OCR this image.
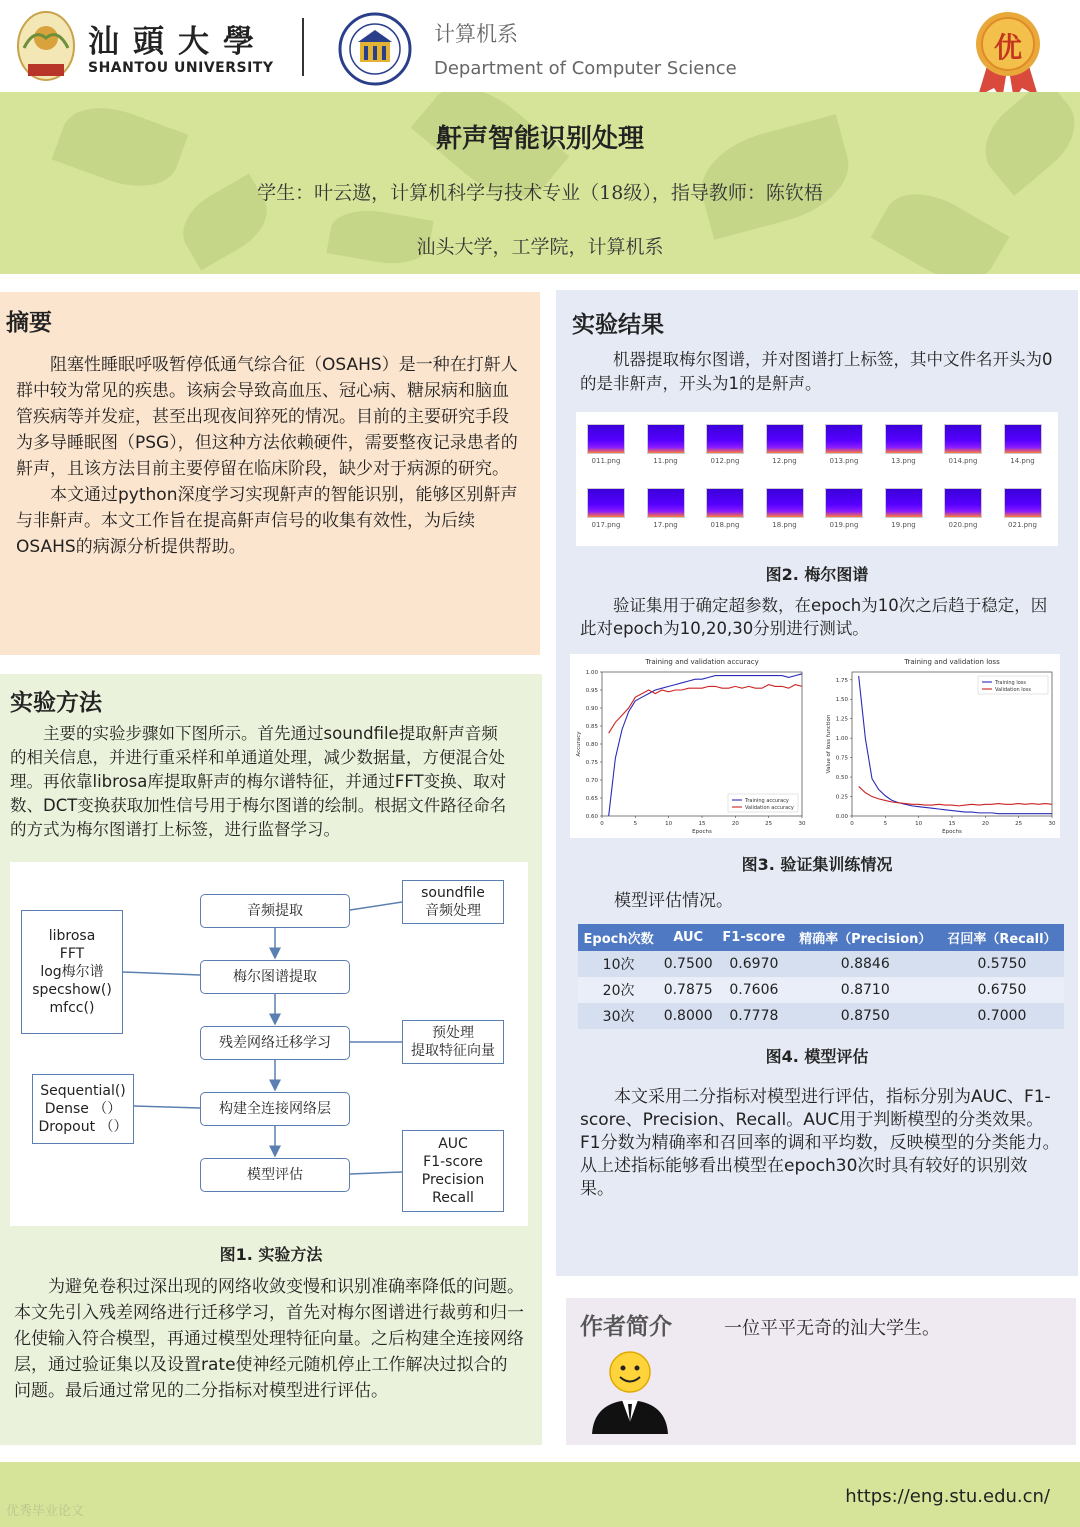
汕頭大學
SHANTOU UNIVERSITY
计算机系
Department of Computer Science
优
鼾声智能识别处理
学生：叶云遨，计算机科学与技术专业（18级），指导教师：陈钦梧
汕头大学，工学院，计算机系
摘要

阻塞性睡眠呼吸暂停低通气综合征（OSAHS）是一种在打鼾人群中较为常见的疾患。该病会导致高血压、冠心病、糖尿病和脑血管疾病等并发症，甚至出现夜间猝死的情况。目前的主要研究手段为多导睡眠图（PSG），但这种方法依赖硬件，需要整夜记录患者的鼾声，且该方法目前主要停留在临床阶段，缺少对于病源的研究。

本文通过python深度学习实现鼾声的智能识别，能够区别鼾声与非鼾声。本文工作旨在提高鼾声信号的收集有效性，为后续OSAHS的病源分析提供帮助。

实验方法

主要的实验步骤如下图所示。首先通过soundfile提取鼾声音频的相关信息，并进行重采样和单通道处理，减少数据量，方便混合处理。再依靠librosa库提取鼾声的梅尔谱特征，并通过FFT变换、取对数、DCT变换获取加性信号用于梅尔图谱的绘制。根据文件路径命名的方式为梅尔图谱打上标签，进行监督学习。

音频提取
梅尔图谱提取
残差网络迁移学习
构建全连接网络层
模型评估
soundfile
音频处理
预处理
提取特征向量
AUC
F1-score
Precision
Recall
librosa
FFT
log梅尔谱
specshow()
mfcc()
Sequential()
Dense （）
Dropout （）
图1. 实验方法

为避免卷积过深出现的网络收敛变慢和识别准确率降低的问题。本文先引入残差网络进行迁移学习，首先对梅尔图谱进行裁剪和归一化使输入符合模型，再通过模型处理特征向量。之后构建全连接网络层，通过验证集以及设置rate使神经元随机停止工作解决过拟合的问题。最后通过常见的二分指标对模型进行评估。

实验结果

机器提取梅尔图谱，并对图谱打上标签，其中文件名开头为0的是非鼾声，开头为1的是鼾声。

011.png	11.png	012.png	12.png	013.png	13.png	014.png	14.png
017.png	17.png	018.png	18.png	019.png	19.png	020.png	021.png
图2. 梅尔图谱

验证集用于确定超参数，在epoch为10次之后趋于稳定，因此对epoch为10,20,30分别进行测试。

Training and validation accuracy
0	5	10	15	20	25	30
0.60
0.65
0.70
0.75
0.80
0.85
0.90
0.95
1.00
Epochs
Accuracy
Training accuracy
Validation accuracy
Training and validation loss
0	5	10	15	20	25	30
0.00
0.25
0.50
0.75
1.00
1.25
1.50
1.75
Epochs
Value of loss function
Training loss
Validation loss
图3. 验证集训练情况
模型评估情况。
图4. 模型评估

本文采用二分指标对模型进行评估，指标分别为AUC、F1-score、Precision、Recall。AUC用于判断模型的分类效果。F1分数为精确率和召回率的调和平均数，反映模型的分类能力。从上述指标能够看出模型在epoch30次时具有较好的识别效果。

Epoch次数	AUC	F1-score	精确率（Precision）	召回率（Recall）
10次	0.7500	0.6970	0.8846	0.5750
20次	0.7875	0.7606	0.8710	0.6750
30次	0.8000	0.7778	0.8750	0.7000
作者简介	一位平平无奇的汕大学生。
https://eng.stu.edu.cn/
优秀毕业论文
